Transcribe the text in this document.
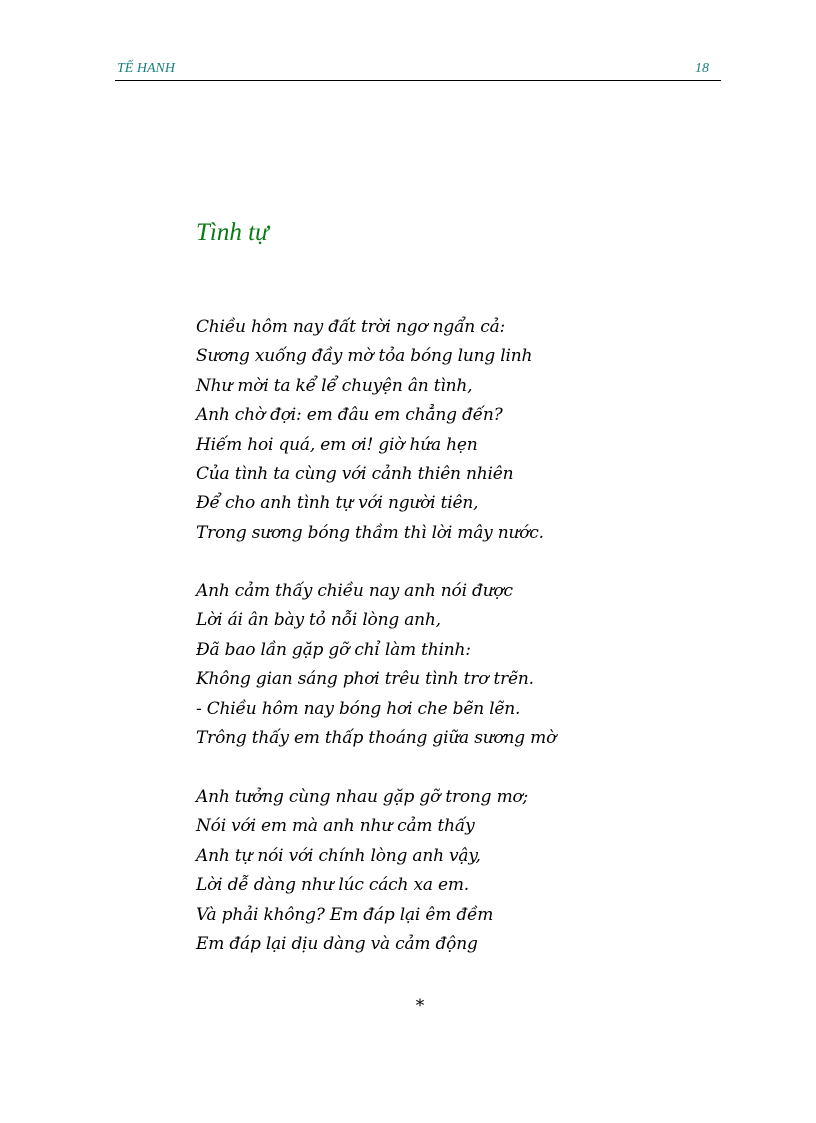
TẾ HANH	18
Tình tự
Chiều hôm nay đất trời ngơ ngẩn cả:
Sương xuống đầy mờ tỏa bóng lung linh
Như mời ta kể lể chuyện ân tình,
Anh chờ đợi: em đâu em chẳng đến?
Hiếm hoi quá, em ơi! giờ hứa hẹn
Của tình ta cùng với cảnh thiên nhiên
Để cho anh tình tự với người tiên,
Trong sương bóng thầm thì lời mây nước.
Anh cảm thấy chiều nay anh nói được
Lời ái ân bày tỏ nỗi lòng anh,
Đã bao lần gặp gỡ chỉ làm thinh:
Không gian sáng phơi trêu tình trơ trẽn.
- Chiều hôm nay bóng hơi che bẽn lẽn.
Trông thấy em thấp thoáng giữa sương mờ
Anh tưởng cùng nhau gặp gỡ trong mơ;
Nói với em mà anh như cảm thấy
Anh tự nói với chính lòng anh vậy,
Lời dễ dàng như lúc cách xa em.
Và phải không? Em đáp lại êm đềm
Em đáp lại dịu dàng và cảm động
*
